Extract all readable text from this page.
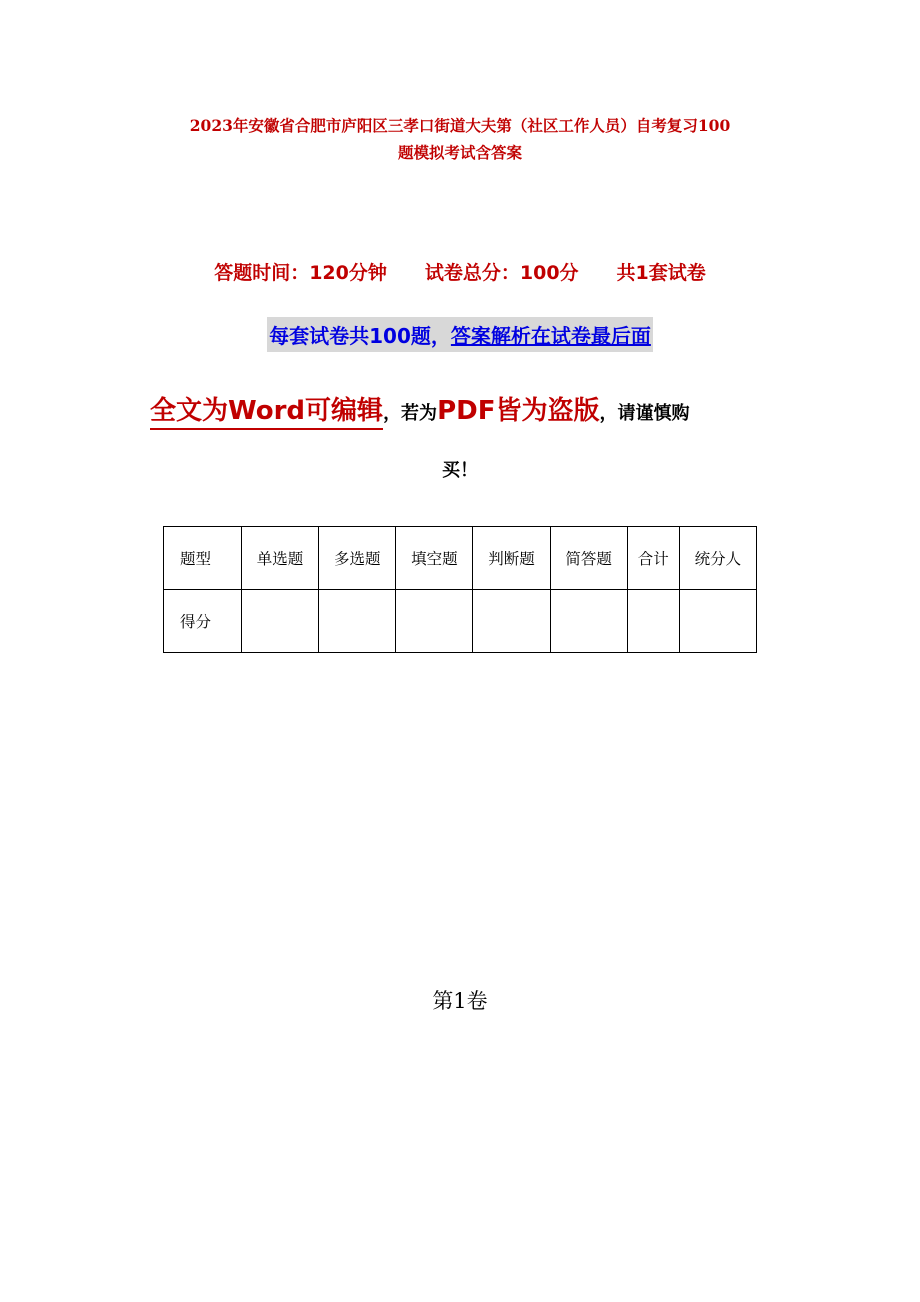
2023年安徽省合肥市庐阳区三孝口街道大夫第（社区工作人员）自考复习100
题模拟考试含答案
答题时间：120分钟 试卷总分：100分 共1套试卷
每套试卷共100题，答案解析在试卷最后面
全文为Word可编辑，若为PDF皆为盗版，请谨慎购
买！
题型	单选题	多选题	填空题	判断题	简答题	合计	统分人
得分							
第1卷
